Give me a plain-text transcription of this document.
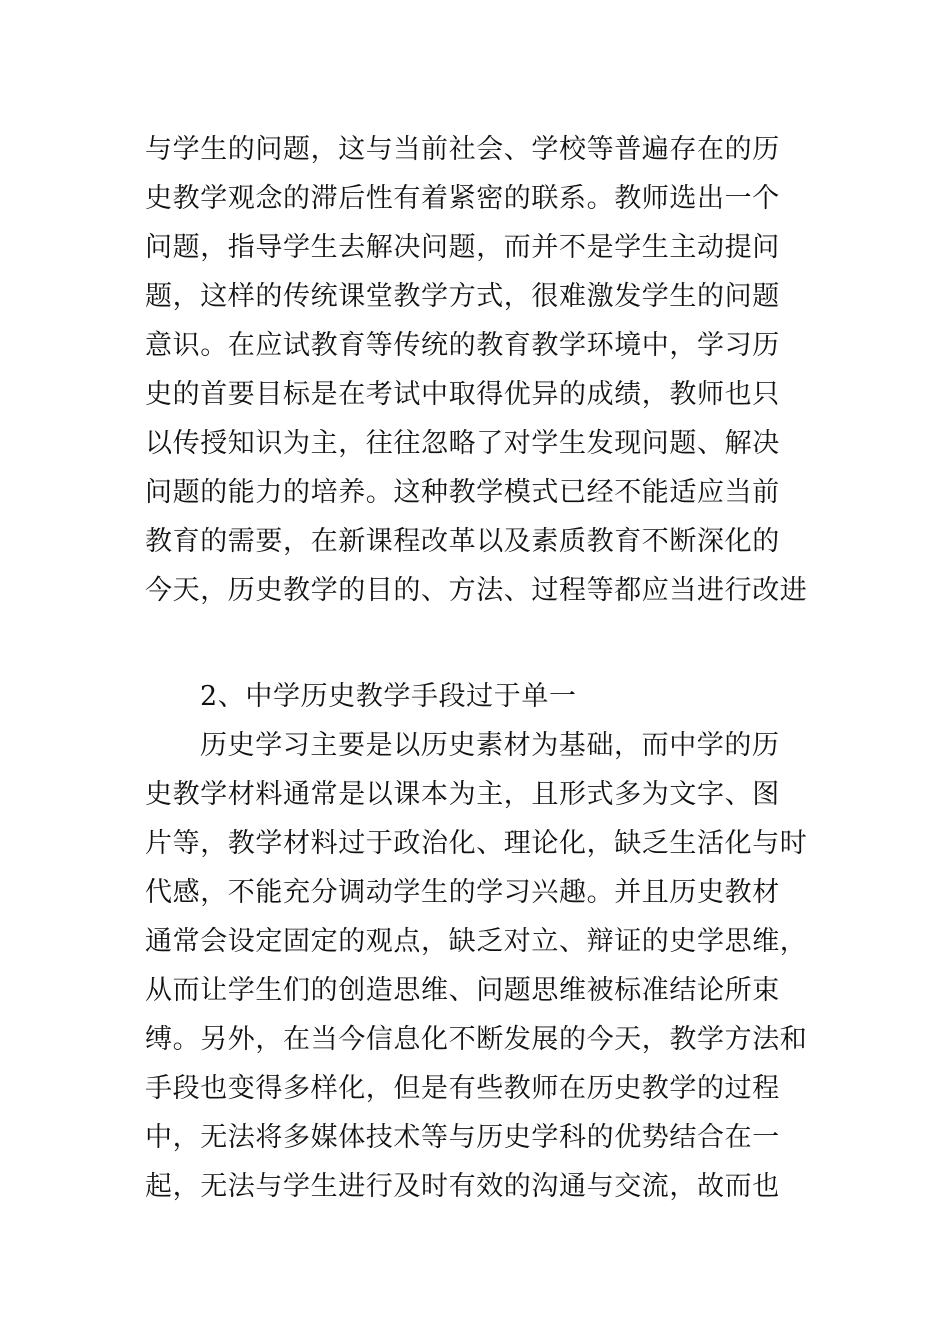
与学生的问题，这与当前社会、学校等普遍存在的历
史教学观念的滞后性有着紧密的联系。教师选出一个
问题，指导学生去解决问题，而并不是学生主动提问
题，这样的传统课堂教学方式，很难激发学生的问题
意识。在应试教育等传统的教育教学环境中，学习历
史的首要目标是在考试中取得优异的成绩，教师也只
以传授知识为主，往往忽略了对学生发现问题、解决
问题的能力的培养。这种教学模式已经不能适应当前
教育的需要，在新课程改革以及素质教育不断深化的
今天，历史教学的目的、方法、过程等都应当进行改进
2、中学历史教学手段过于单一
历史学习主要是以历史素材为基础，而中学的历
史教学材料通常是以课本为主，且形式多为文字、图
片等，教学材料过于政治化、理论化，缺乏生活化与时
代感，不能充分调动学生的学习兴趣。并且历史教材
通常会设定固定的观点，缺乏对立、辩证的史学思维，
从而让学生们的创造思维、问题思维被标准结论所束
缚。另外，在当今信息化不断发展的今天，教学方法和
手段也变得多样化，但是有些教师在历史教学的过程
中，无法将多媒体技术等与历史学科的优势结合在一
起，无法与学生进行及时有效的沟通与交流，故而也
